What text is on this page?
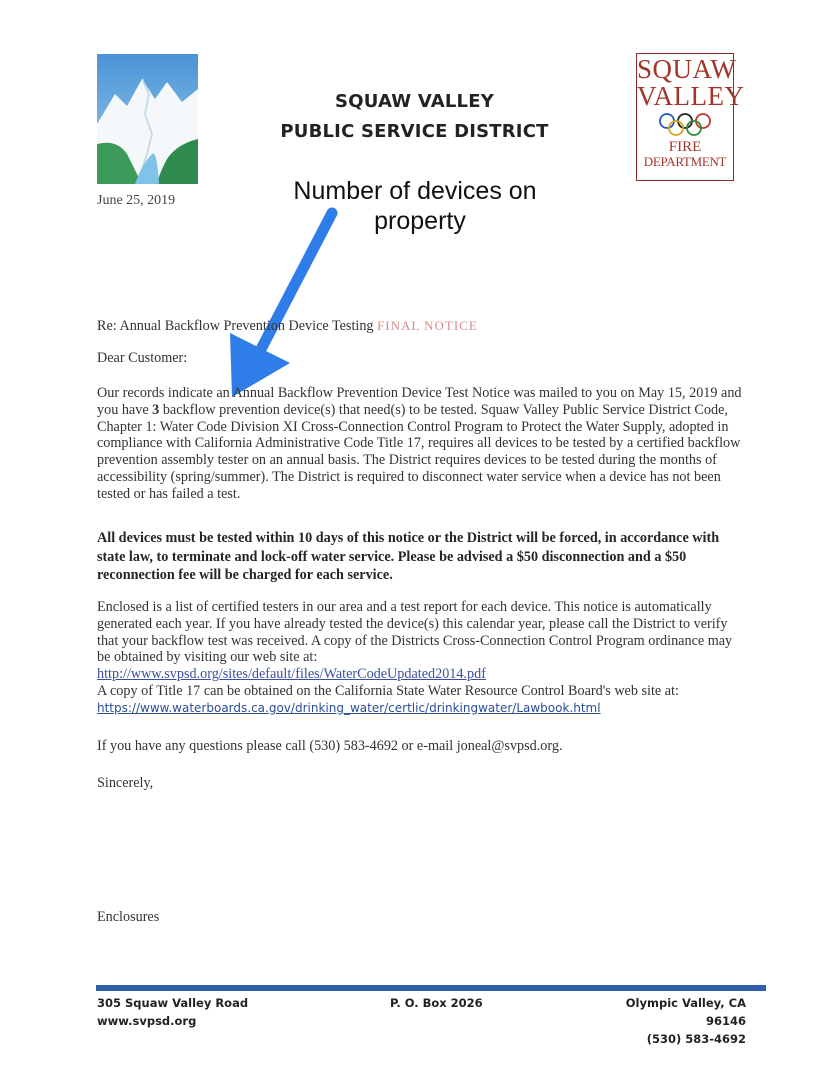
SQUAW VALLEY
PUBLIC SERVICE DISTRICT
SQUAW
VALLEY
FIRE
DEPARTMENT
June 25, 2019	Number of devices on
property
Re: Annual Backflow Prevention Device Testing FINAL NOTICE
Dear Customer:
Our records indicate an Annual Backflow Prevention Device Test Notice was mailed to you on May 15, 2019 and you have 3 backflow prevention device(s) that need(s) to be tested. Squaw Valley Public Service District Code, Chapter 1: Water Code Division XI Cross-Connection Control Program to Protect the Water Supply, adopted in compliance with California Administrative Code Title 17, requires all devices to be tested by a certified backflow prevention assembly tester on an annual basis. The District requires devices to be tested during the months of accessibility (spring/summer). The District is required to disconnect water service when a device has not been tested or has failed a test.
All devices must be tested within 10 days of this notice or the District will be forced, in accordance with state law, to terminate and lock-off water service. Please be advised a $50 disconnection and a $50 reconnection fee will be charged for each service.
Enclosed is a list of certified testers in our area and a test report for each device. This notice is automatically generated each year. If you have already tested the device(s) this calendar year, please call the District to verify that your backflow test was received. A copy of the Districts Cross-Connection Control Program ordinance may be obtained by visiting our web site at:
http://www.svpsd.org/sites/default/files/WaterCodeUpdated2014.pdf
A copy of Title 17 can be obtained on the California State Water Resource Control Board's web site at:
https://www.waterboards.ca.gov/drinking_water/certlic/drinkingwater/Lawbook.html
If you have any questions please call (530) 583-4692 or e-mail joneal@svpsd.org.
Sincerely,
Enclosures
305 Squaw Valley Road
www.svpsd.org
P. O. Box 2026	Olympic Valley, CA 96146
(530) 583-4692
